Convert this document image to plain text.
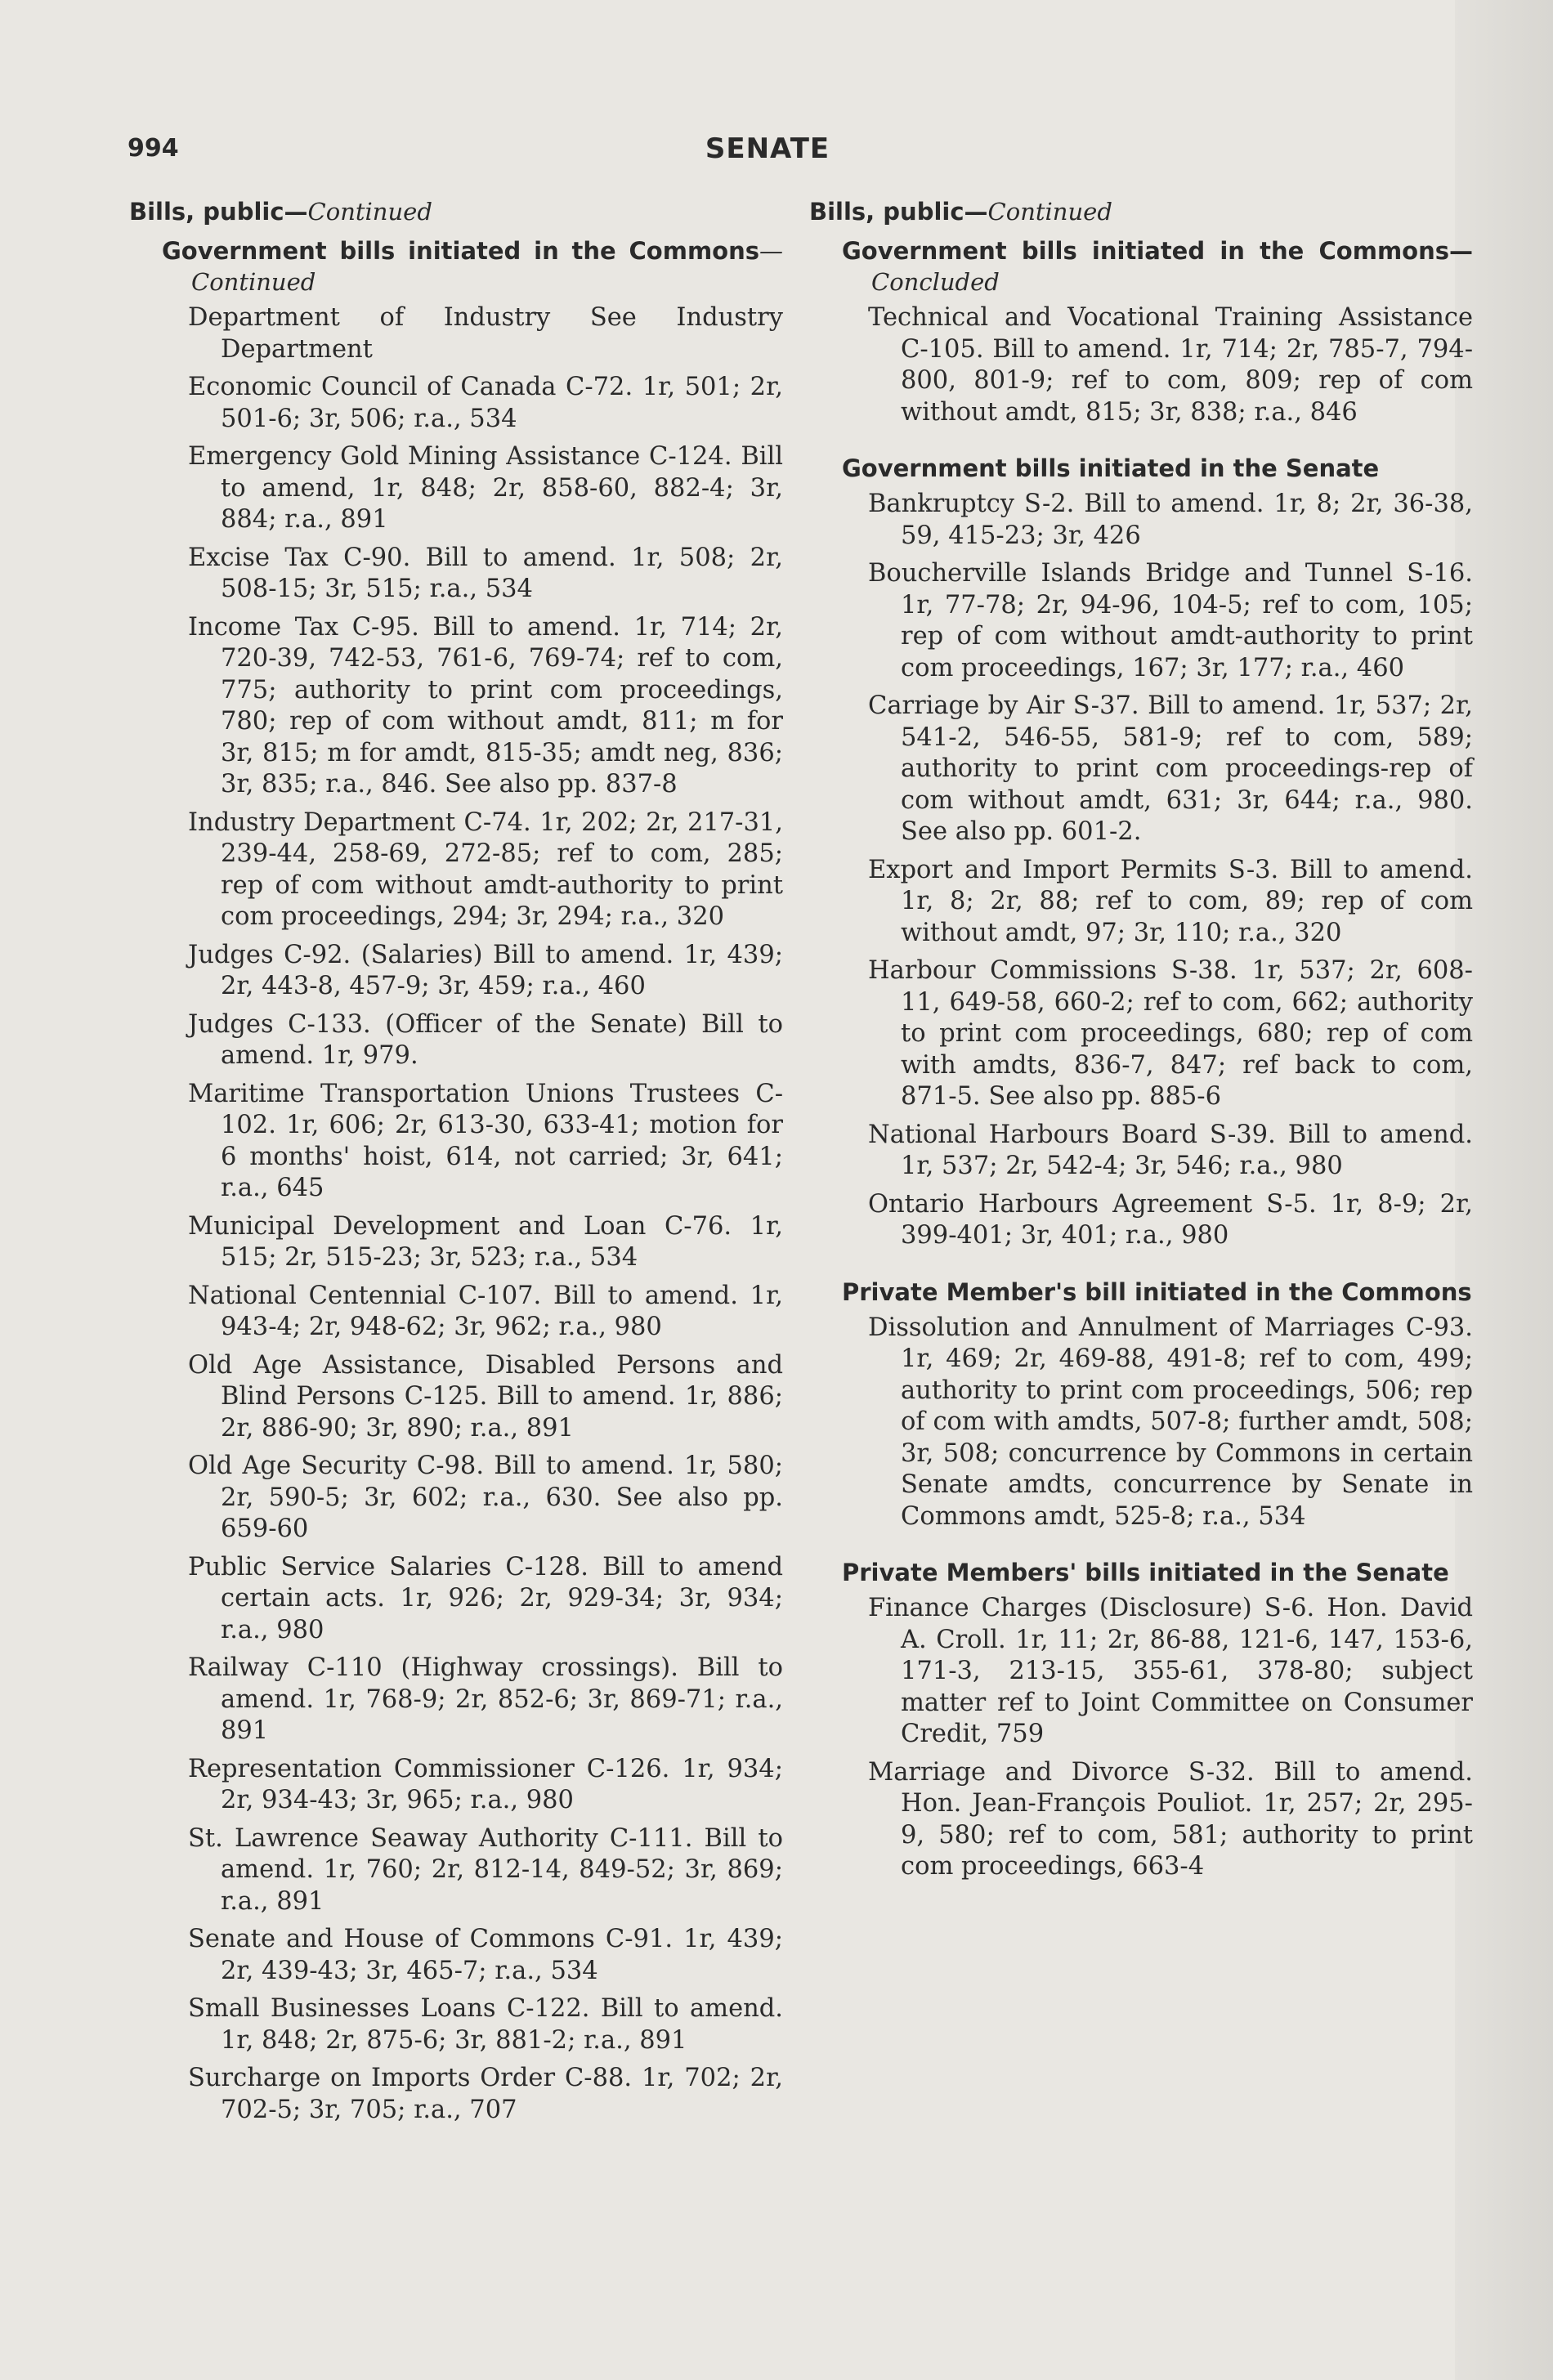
994	SENATE
Bills, public—Continued
Government bills initiated in the Commons—Continued
Department of Industry See Industry Department
Economic Council of Canada C-72. 1r, 501; 2r, 501-6; 3r, 506; r.a., 534
Emergency Gold Mining Assistance C-124. Bill to amend, 1r, 848; 2r, 858-60, 882-4; 3r, 884; r.a., 891
Excise Tax C-90. Bill to amend. 1r, 508; 2r, 508-15; 3r, 515; r.a., 534
Income Tax C-95. Bill to amend. 1r, 714; 2r, 720-39, 742-53, 761-6, 769-74; ref to com, 775; authority to print com proceedings, 780; rep of com without amdt, 811; m for 3r, 815; m for amdt, 815-35; amdt neg, 836; 3r, 835; r.a., 846. See also pp. 837-8
Industry Department C-74. 1r, 202; 2r, 217-31, 239-44, 258-69, 272-85; ref to com, 285; rep of com without amdt-authority to print com proceedings, 294; 3r, 294; r.a., 320
Judges C-92. (Salaries) Bill to amend. 1r, 439; 2r, 443-8, 457-9; 3r, 459; r.a., 460
Judges C-133. (Officer of the Senate) Bill to amend. 1r, 979.
Maritime Transportation Unions Trustees C-102. 1r, 606; 2r, 613-30, 633-41; motion for 6 months' hoist, 614, not carried; 3r, 641; r.a., 645
Municipal Development and Loan C-76. 1r, 515; 2r, 515-23; 3r, 523; r.a., 534
National Centennial C-107. Bill to amend. 1r, 943-4; 2r, 948-62; 3r, 962; r.a., 980
Old Age Assistance, Disabled Persons and Blind Persons C-125. Bill to amend. 1r, 886; 2r, 886-90; 3r, 890; r.a., 891
Old Age Security C-98. Bill to amend. 1r, 580; 2r, 590-5; 3r, 602; r.a., 630. See also pp. 659-60
Public Service Salaries C-128. Bill to amend certain acts. 1r, 926; 2r, 929-34; 3r, 934; r.a., 980
Railway C-110 (Highway crossings). Bill to amend. 1r, 768-9; 2r, 852-6; 3r, 869-71; r.a., 891
Representation Commissioner C-126. 1r, 934; 2r, 934-43; 3r, 965; r.a., 980
St. Lawrence Seaway Authority C-111. Bill to amend. 1r, 760; 2r, 812-14, 849-52; 3r, 869; r.a., 891
Senate and House of Commons C-91. 1r, 439; 2r, 439-43; 3r, 465-7; r.a., 534
Small Businesses Loans C-122. Bill to amend. 1r, 848; 2r, 875-6; 3r, 881-2; r.a., 891
Surcharge on Imports Order C-88. 1r, 702; 2r, 702-5; 3r, 705; r.a., 707
Bills, public—Continued
Government bills initiated in the Commons—Concluded
Technical and Vocational Training Assistance C-105. Bill to amend. 1r, 714; 2r, 785-7, 794-800, 801-9; ref to com, 809; rep of com without amdt, 815; 3r, 838; r.a., 846
Government bills initiated in the Senate
Bankruptcy S-2. Bill to amend. 1r, 8; 2r, 36-38, 59, 415-23; 3r, 426
Boucherville Islands Bridge and Tunnel S-16. 1r, 77-78; 2r, 94-96, 104-5; ref to com, 105; rep of com without amdt-authority to print com proceedings, 167; 3r, 177; r.a., 460
Carriage by Air S-37. Bill to amend. 1r, 537; 2r, 541-2, 546-55, 581-9; ref to com, 589; authority to print com proceedings-rep of com without amdt, 631; 3r, 644; r.a., 980. See also pp. 601-2.
Export and Import Permits S-3. Bill to amend. 1r, 8; 2r, 88; ref to com, 89; rep of com without amdt, 97; 3r, 110; r.a., 320
Harbour Commissions S-38. 1r, 537; 2r, 608-11, 649-58, 660-2; ref to com, 662; authority to print com proceedings, 680; rep of com with amdts, 836-7, 847; ref back to com, 871-5. See also pp. 885-6
National Harbours Board S-39. Bill to amend. 1r, 537; 2r, 542-4; 3r, 546; r.a., 980
Ontario Harbours Agreement S-5. 1r, 8-9; 2r, 399-401; 3r, 401; r.a., 980
Private Member's bill initiated in the Commons
Dissolution and Annulment of Marriages C-93. 1r, 469; 2r, 469-88, 491-8; ref to com, 499; authority to print com proceedings, 506; rep of com with amdts, 507-8; further amdt, 508; 3r, 508; concurrence by Commons in certain Senate amdts, concurrence by Senate in Commons amdt, 525-8; r.a., 534
Private Members' bills initiated in the Senate
Finance Charges (Disclosure) S-6. Hon. David A. Croll. 1r, 11; 2r, 86-88, 121-6, 147, 153-6, 171-3, 213-15, 355-61, 378-80; subject matter ref to Joint Committee on Consumer Credit, 759
Marriage and Divorce S-32. Bill to amend. Hon. Jean-François Pouliot. 1r, 257; 2r, 295-9, 580; ref to com, 581; authority to print com proceedings, 663-4
